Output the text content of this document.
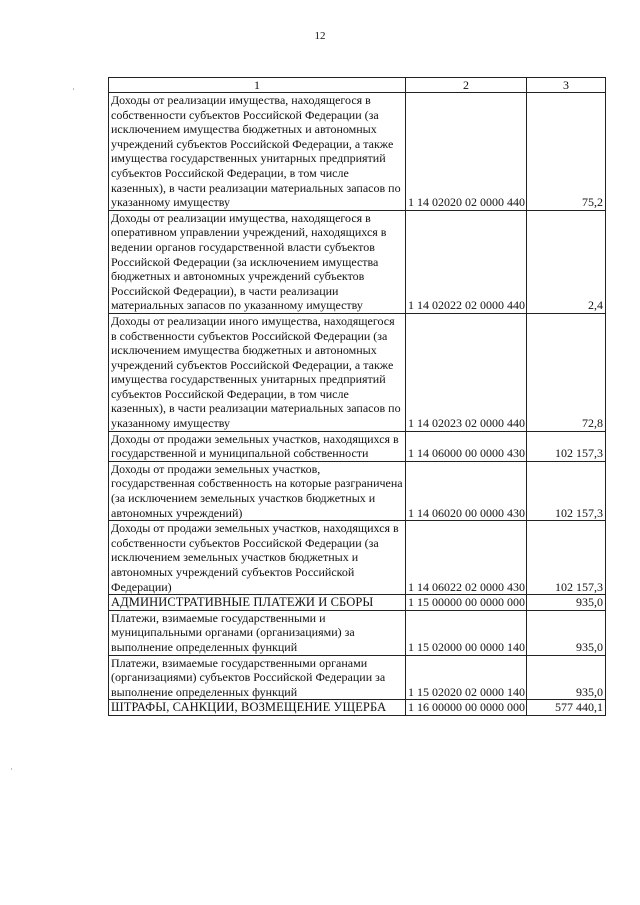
12
1	2	3
Доходы от реализации имущества, находящегося в собственности субъектов Российской Федерации (за исключением имущества бюджетных и автономных учреждений субъектов Российской Федерации, а также имущества государственных унитарных предприятий субъектов Российской Федерации, в том числе казенных), в части реализации материальных запасов по указанному имуществу	1 14 02020 02 0000 440	75,2
Доходы от реализации имущества, находящегося в оперативном управлении учреждений, находящихся в ведении органов государственной власти субъектов Российской Федерации (за исключением имущества бюджетных и автономных учреждений субъектов Российской Федерации), в части реализации материальных запасов по указанному имуществу	1 14 02022 02 0000 440	2,4
Доходы от реализации иного имущества, находящегося в собственности субъектов Российской Федерации (за исключением имущества бюджетных и автономных учреждений субъектов Российской Федерации, а также имущества государственных унитарных предприятий субъектов Российской Федерации, в том числе казенных), в части реализации материальных запасов по указанному имуществу	1 14 02023 02 0000 440	72,8
Доходы от продажи земельных участков, находящихся в государственной и муниципальной собственности	1 14 06000 00 0000 430	102 157,3
Доходы от продажи земельных участков, государственная собственность на которые разграничена (за исключением земельных участков бюджетных и автономных учреждений)	1 14 06020 00 0000 430	102 157,3
Доходы от продажи земельных участков, находящихся в собственности субъектов Российской Федерации (за исключением земельных участков бюджетных и автономных учреждений субъектов Российской Федерации)	1 14 06022 02 0000 430	102 157,3
АДМИНИСТРАТИВНЫЕ ПЛАТЕЖИ И СБОРЫ	1 15 00000 00 0000 000	935,0
Платежи, взимаемые государственными и муниципальными органами (организациями) за выполнение определенных функций	1 15 02000 00 0000 140	935,0
Платежи, взимаемые государственными органами (организациями) субъектов Российской Федерации за выполнение определенных функций	1 15 02020 02 0000 140	935,0
ШТРАФЫ, САНКЦИИ, ВОЗМЕЩЕНИЕ УЩЕРБА	1 16 00000 00 0000 000	577 440,1
